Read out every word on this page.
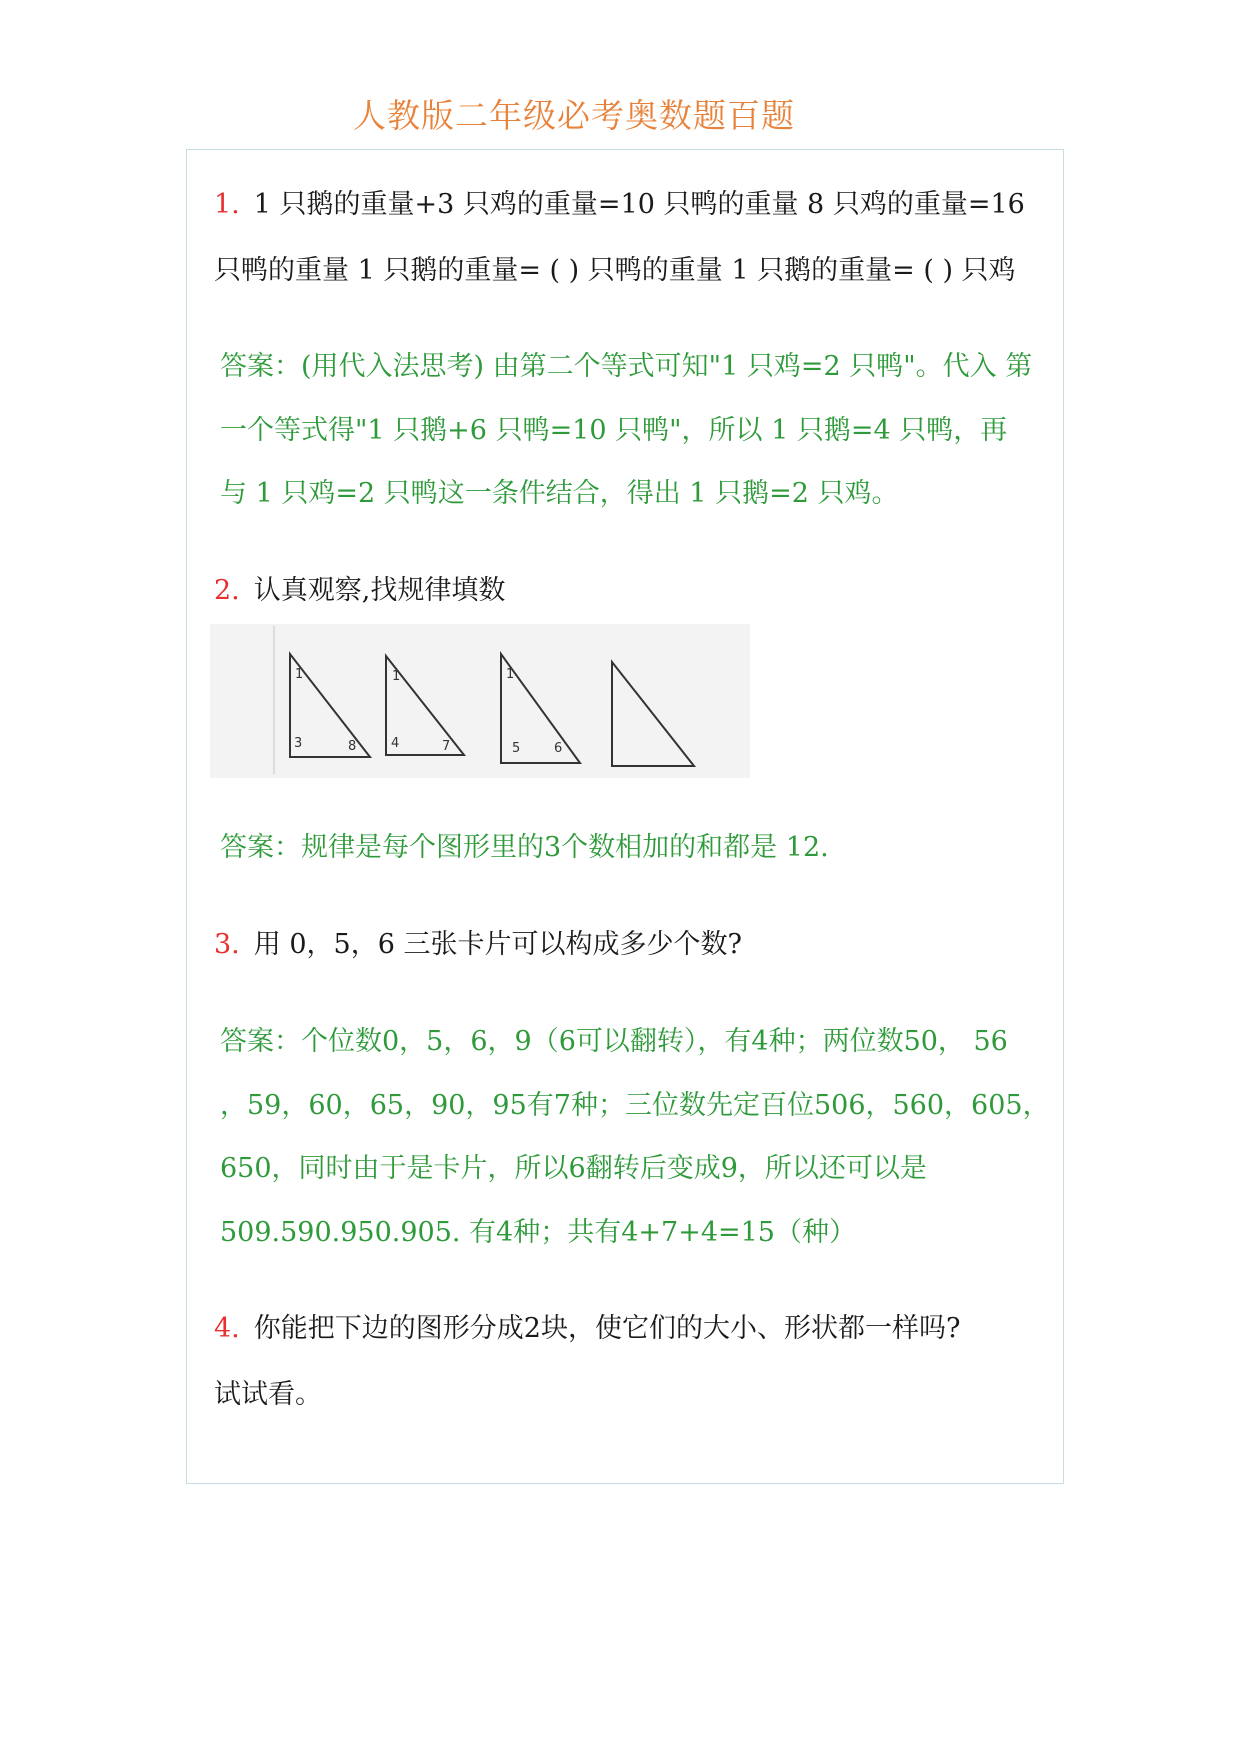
人教版二年级必考奥数题百题
1. 1 只鹅的重量+3 只鸡的重量=10 只鸭的重量 8 只鸡的重量=16
只鸭的重量 1 只鹅的重量= ( ) 只鸭的重量 1 只鹅的重量= ( ) 只鸡
答案：(用代入法思考) 由第二个等式可知"1 只鸡=2 只鸭"。代入 第
一个等式得"1 只鹅+6 只鸭=10 只鸭"，所以 1 只鹅=4 只鸭，再
与 1 只鸡=2 只鸭这一条件结合，得出 1 只鹅=2 只鸡。
2. 认真观察,找规律填数
1
3	8
1
4	7
1
5	6
答案：规律是每个图形里的3个数相加的和都是 12.
3. 用 0，5，6 三张卡片可以构成多少个数?
答案：个位数0，5，6，9（6可以翻转），有4种；两位数50， 56
，59，60，65，90，95有7种；三位数先定百位506，560，605，
650，同时由于是卡片，所以6翻转后变成9，所以还可以是
509.590.950.905. 有4种；共有4+7+4=15（种）
4. 你能把下边的图形分成2块，使它们的大小、形状都一样吗?
试试看。
